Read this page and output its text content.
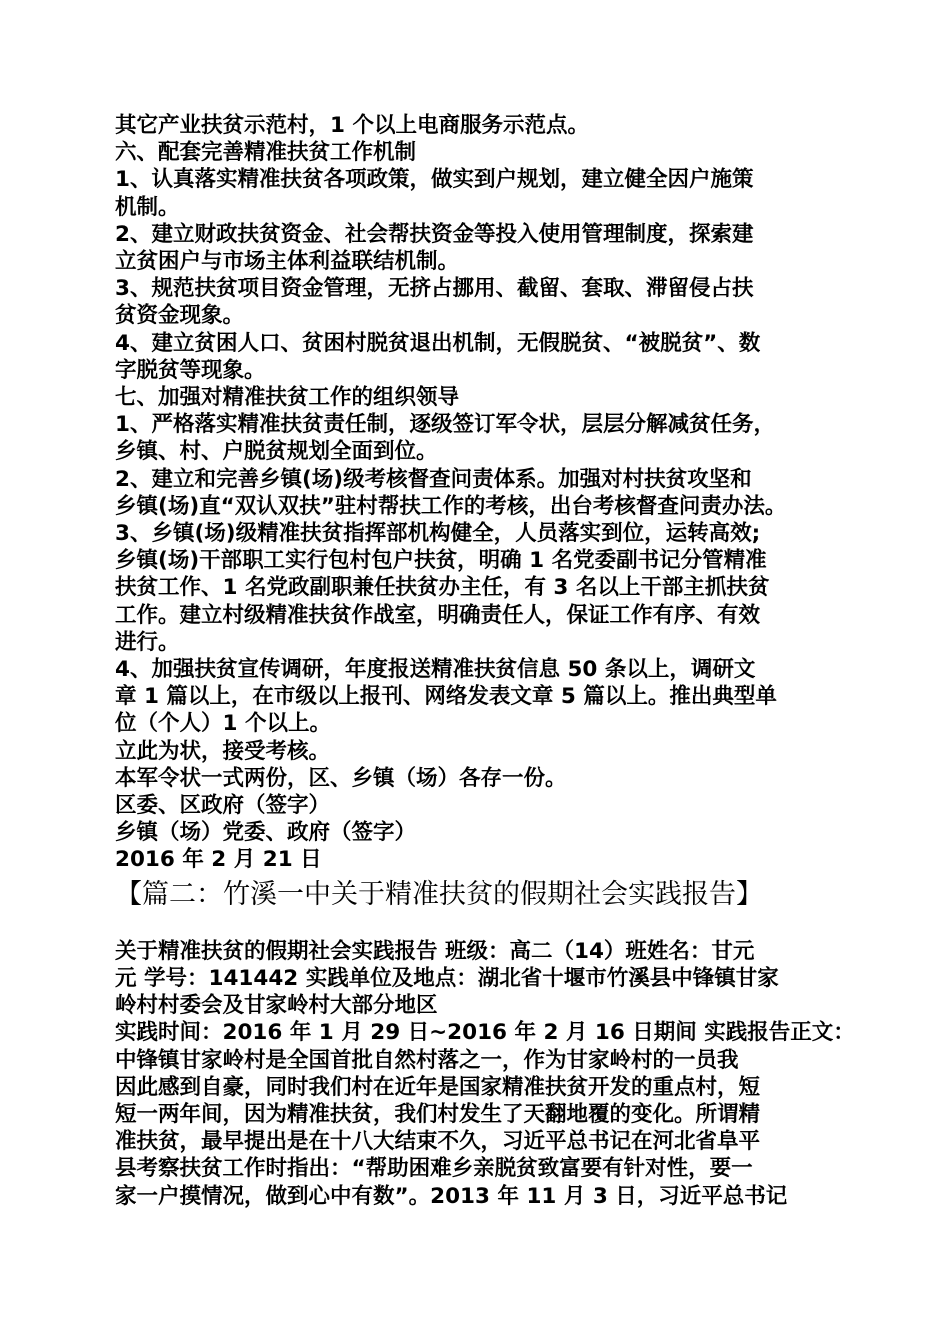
其它产业扶贫示范村，1 个以上电商服务示范点。

六、配套完善精准扶贫工作机制

1、认真落实精准扶贫各项政策，做实到户规划，建立健全因户施策

机制。

2、建立财政扶贫资金、社会帮扶资金等投入使用管理制度，探索建

立贫困户与市场主体利益联结机制。

3、规范扶贫项目资金管理，无挤占挪用、截留、套取、滞留侵占扶

贫资金现象。

4、建立贫困人口、贫困村脱贫退出机制，无假脱贫、“被脱贫”、数

字脱贫等现象。

七、加强对精准扶贫工作的组织领导

1、严格落实精准扶贫责任制，逐级签订军令状，层层分解减贫任务，

乡镇、村、户脱贫规划全面到位。

2、建立和完善乡镇(场)级考核督查问责体系。加强对村扶贫攻坚和

乡镇(场)直“双认双扶”驻村帮扶工作的考核，出台考核督查问责办法。

3、乡镇(场)级精准扶贫指挥部机构健全，人员落实到位，运转高效;

乡镇(场)干部职工实行包村包户扶贫，明确 1 名党委副书记分管精准

扶贫工作、1 名党政副职兼任扶贫办主任，有 3 名以上干部主抓扶贫

工作。建立村级精准扶贫作战室，明确责任人，保证工作有序、有效

进行。

4、加强扶贫宣传调研，年度报送精准扶贫信息 50 条以上，调研文

章 1 篇以上，在市级以上报刊、网络发表文章 5 篇以上。推出典型单

位（个人）1 个以上。

立此为状，接受考核。

本军令状一式两份，区、乡镇（场）各存一份。

区委、区政府（签字）

乡镇（场）党委、政府（签字）

2016 年 2 月 21 日

【篇二：竹溪一中关于精准扶贫的假期社会实践报告】

关于精准扶贫的假期社会实践报告 班级：高二（14）班姓名：甘元

元 学号：141442 实践单位及地点：湖北省十堰市竹溪县中锋镇甘家

岭村村委会及甘家岭村大部分地区

实践时间：2016 年 1 月 29 日~2016 年 2 月 16 日期间 实践报告正文：

中锋镇甘家岭村是全国首批自然村落之一，作为甘家岭村的一员我

因此感到自豪，同时我们村在近年是国家精准扶贫开发的重点村，短

短一两年间，因为精准扶贫，我们村发生了天翻地覆的变化。所谓精

准扶贫，最早提出是在十八大结束不久，习近平总书记在河北省阜平

县考察扶贫工作时指出：“帮助困难乡亲脱贫致富要有针对性，要一

家一户摸情况，做到心中有数”。2013 年 11 月 3 日，习近平总书记
